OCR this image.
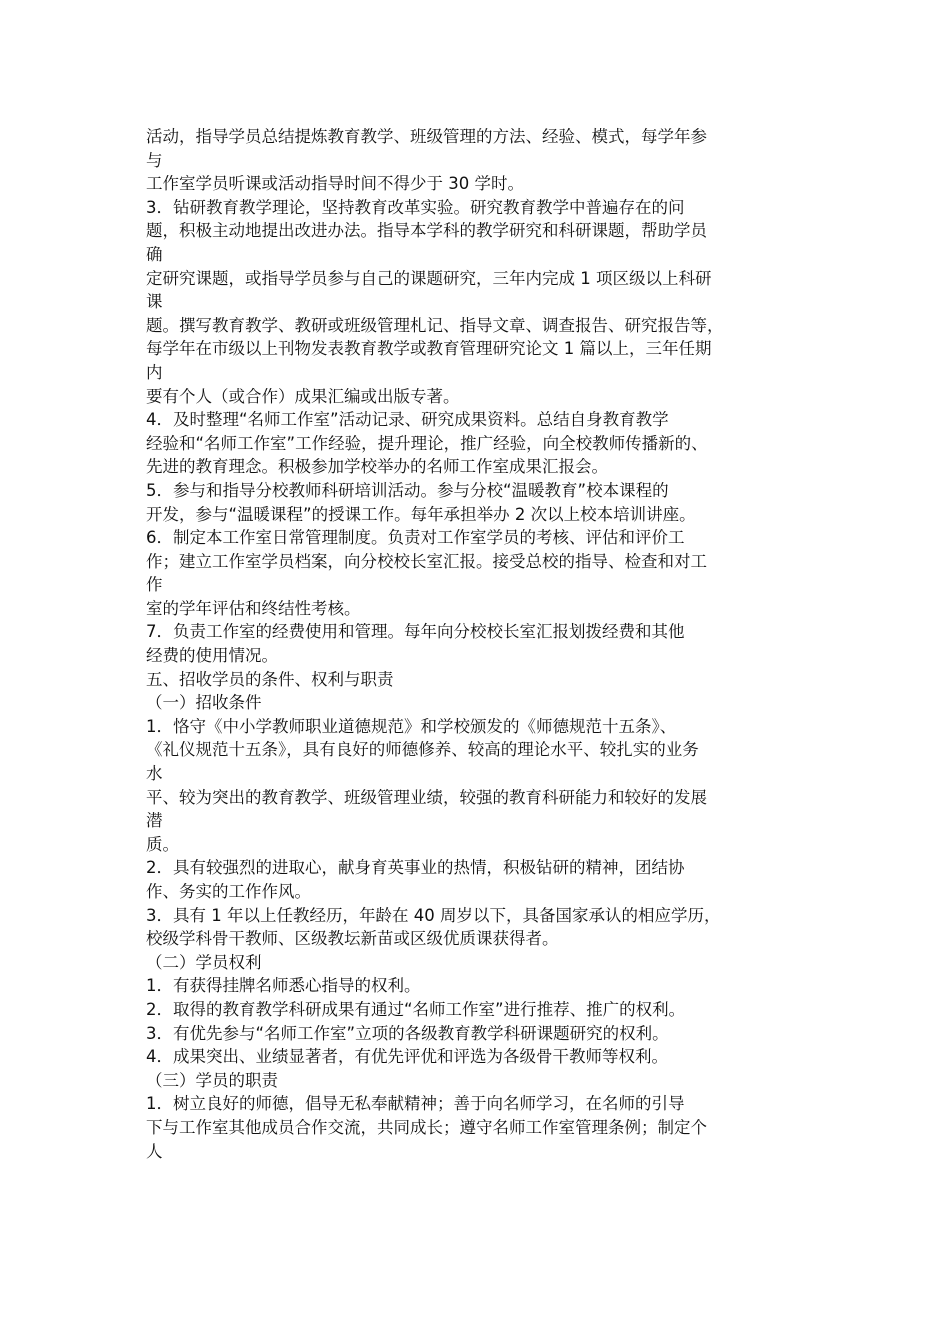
活动，指导学员总结提炼教育教学、班级管理的方法、经验、模式，每学年参
与
工作室学员听课或活动指导时间不得少于 30 学时。
3．钻研教育教学理论，坚持教育改革实验。研究教育教学中普遍存在的问
题，积极主动地提出改进办法。指导本学科的教学研究和科研课题，帮助学员
确
定研究课题，或指导学员参与自己的课题研究，三年内完成 1 项区级以上科研
课
题。撰写教育教学、教研或班级管理札记、指导文章、调查报告、研究报告等，
每学年在市级以上刊物发表教育教学或教育管理研究论文 1 篇以上，三年任期
内
要有个人（或合作）成果汇编或出版专著。
4．及时整理“名师工作室”活动记录、研究成果资料。总结自身教育教学
经验和“名师工作室”工作经验，提升理论，推广经验，向全校教师传播新的、
先进的教育理念。积极参加学校举办的名师工作室成果汇报会。
5．参与和指导分校教师科研培训活动。参与分校“温暖教育”校本课程的
开发，参与“温暖课程”的授课工作。每年承担举办 2 次以上校本培训讲座。
6．制定本工作室日常管理制度。负责对工作室学员的考核、评估和评价工
作；建立工作室学员档案，向分校校长室汇报。接受总校的指导、检查和对工
作
室的学年评估和终结性考核。
7．负责工作室的经费使用和管理。每年向分校校长室汇报划拨经费和其他
经费的使用情况。
五、招收学员的条件、权利与职责
（一）招收条件
1．恪守《中小学教师职业道德规范》和学校颁发的《师德规范十五条》、
《礼仪规范十五条》，具有良好的师德修养、较高的理论水平、较扎实的业务
水
平、较为突出的教育教学、班级管理业绩，较强的教育科研能力和较好的发展
潜
质。
2．具有较强烈的进取心，献身育英事业的热情，积极钻研的精神，团结协
作、务实的工作作风。
3．具有 1 年以上任教经历，年龄在 40 周岁以下，具备国家承认的相应学历，
校级学科骨干教师、区级教坛新苗或区级优质课获得者。
（二）学员权利
1．有获得挂牌名师悉心指导的权利。
2．取得的教育教学科研成果有通过“名师工作室”进行推荐、推广的权利。
3．有优先参与“名师工作室”立项的各级教育教学科研课题研究的权利。
4．成果突出、业绩显著者，有优先评优和评选为各级骨干教师等权利。
（三）学员的职责
1．树立良好的师德，倡导无私奉献精神；善于向名师学习，在名师的引导
下与工作室其他成员合作交流，共同成长；遵守名师工作室管理条例；制定个
人
